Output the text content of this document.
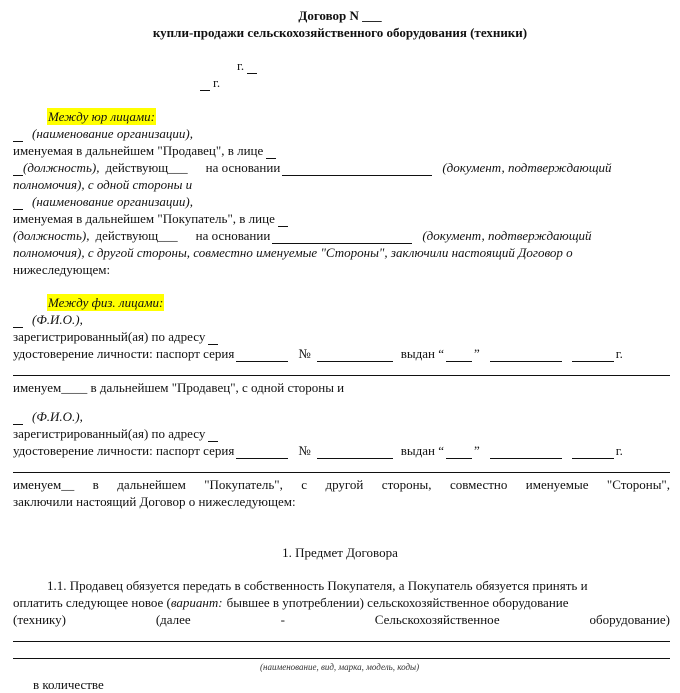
Договор N ___
купли-продажи сельскохозяйственного оборудования (техники)
г.
г.
Между юр лицами:
(наименование организации),
именуемая в дальнейшем "Продавец", в лице
(должность), действующ___ на основании	(документ, подтверждающий
полномочия), с одной стороны и
(наименование организации),
именуемая в дальнейшем "Покупатель", в лице
(должность), действующ___ на основании	(документ, подтверждающий
полномочия), с другой стороны, совместно именуемые "Стороны", заключили настоящий Договор о
нижеследующем:
Между физ. лицами:
(Ф.И.О.),
зарегистрированный(ая) по адресу
удостоверение личности: паспорт серия	№	выдан “ ”	г.
именуем____ в дальнейшем "Продавец", с одной стороны и
(Ф.И.О.),
зарегистрированный(ая) по адресу
удостоверение личности: паспорт серия	№	выдан “ ”	г.
именуем__ в дальнейшем "Покупатель", с другой стороны, совместно именуемые "Стороны",
заключили настоящий Договор о нижеследующем:
1. Предмет Договора
1.1. Продавец обязуется передать в собственность Покупателя, а Покупатель обязуется принять и
оплатить следующее новое ( вариант: бывшее в употреблении) сельскохозяйственное оборудование
(технику)	(далее	-	Сельскохозяйственное	оборудование)
(наименование, вид, марка, модель, коды)
в количестве
